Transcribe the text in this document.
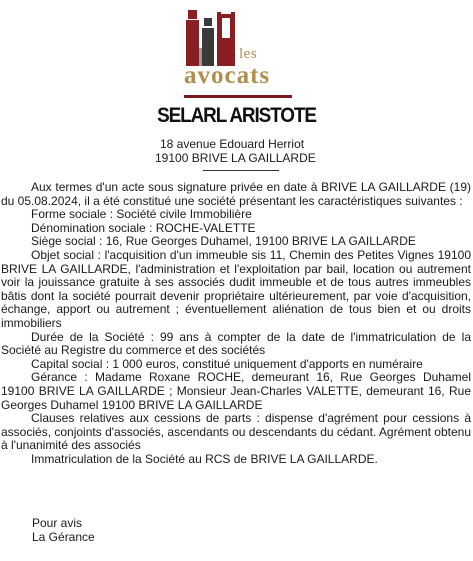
les
avocats
SELARL ARISTOTE
18 avenue Edouard Herriot
19100 BRIVE LA GAILLARDE

Aux termes d'un acte sous signature privée en date à BRIVE LA GAILLARDE (19) du 05.08.2024, il a été constitué une société présentant les caractéristiques suivantes :

Forme sociale : Société civile Immobilière

Dénomination sociale : ROCHE-VALETTE

Siège social : 16, Rue Georges Duhamel, 19100 BRIVE LA GAILLARDE

Objet social : l'acquisition d'un immeuble sis 11, Chemin des Petites Vignes 19100 BRIVE LA GAILLARDE, l'administration et l'exploitation par bail, location ou autrement voir la jouissance gratuite à ses associés dudit immeuble et de tous autres immeubles bâtis dont la société pourrait devenir propriétaire ultérieurement, par voie d'acquisition, échange, apport ou autrement ; éventuellement aliénation de tous bien et ou droits immobiliers

Durée de la Société : 99 ans à compter de la date de l'immatriculation de la Société au Registre du commerce et des sociétés

Capital social : 1 000 euros, constitué uniquement d'apports en numéraire

Gérance : Madame Roxane ROCHE, demeurant 16, Rue Georges Duhamel 19100 BRIVE LA GAILLARDE ; Monsieur Jean-Charles VALETTE, demeurant 16, Rue Georges Duhamel 19100 BRIVE LA GAILLARDE

Clauses relatives aux cessions de parts : dispense d'agrément pour cessions à associés, conjoints d'associés, ascendants ou descendants du cédant. Agrément obtenu à l'unanimité des associés

Immatriculation de la Société au RCS de BRIVE LA GAILLARDE.

Pour avis
La Gérance
